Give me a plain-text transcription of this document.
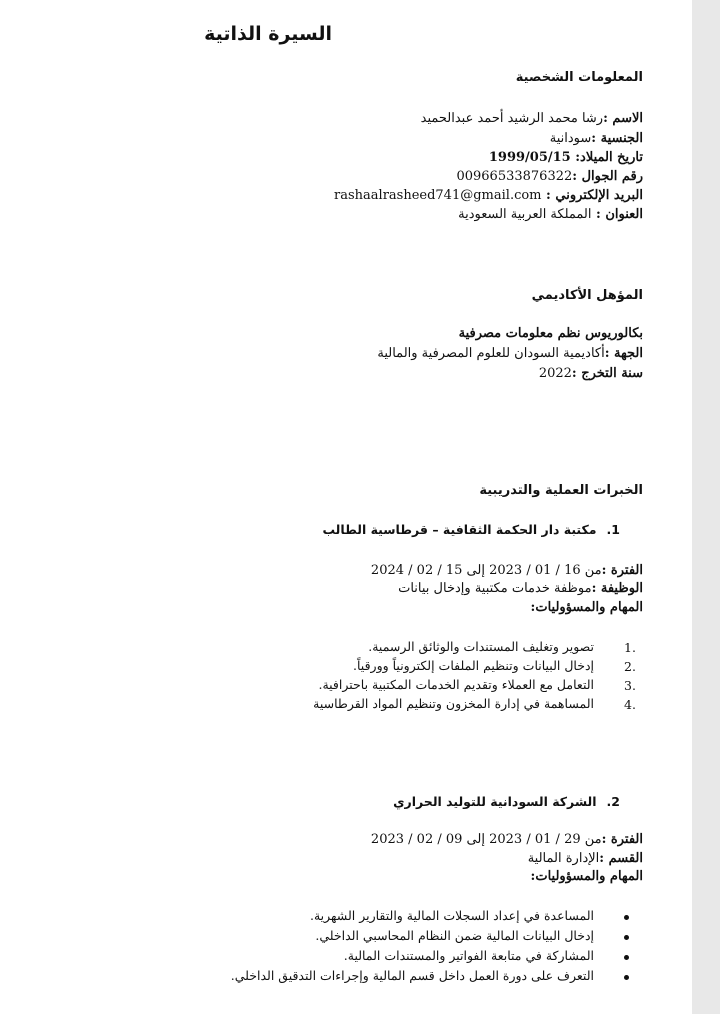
السيرة الذاتية
المعلومات الشخصية
الاسم :رشا محمد الرشيد أحمد عبدالحميد
الجنسية :سودانية
تاريخ الميلاد: 1999/05/15
رقم الجوال :00966533876322
البريد الإلكتروني : rashaalrasheed741@gmail.com
العنوان : المملكة العربية السعودية
المؤهل الأكاديمي
بكالوريوس نظم معلومات مصرفية
الجهة :أكاديمية السودان للعلوم المصرفية والمالية
سنة التخرج :2022
الخبرات العملية والتدريبية
1.مكتبة دار الحكمة الثقافية – قرطاسية الطالب
الفترة :من 16 / 01 / 2023 إلى 15 / 02 / 2024
الوظيفة :موظفة خدمات مكتبية وإدخال بيانات
المهام والمسؤوليات:
1.
تصوير وتغليف المستندات والوثائق الرسمية.
2.
إدخال البيانات وتنظيم الملفات إلكترونياً وورقياً.
3.
التعامل مع العملاء وتقديم الخدمات المكتبية باحترافية.
4.
المساهمة في إدارة المخزون وتنظيم المواد القرطاسية
2.الشركة السودانية للتوليد الحراري
الفترة :من 29 / 01 / 2023 إلى 09 / 02 / 2023
القسم :الإدارة المالية
المهام والمسؤوليات:
المساعدة في إعداد السجلات المالية والتقارير الشهرية.
إدخال البيانات المالية ضمن النظام المحاسبي الداخلي.
المشاركة في متابعة الفواتير والمستندات المالية.
التعرف على دورة العمل داخل قسم المالية وإجراءات التدقيق الداخلي.
